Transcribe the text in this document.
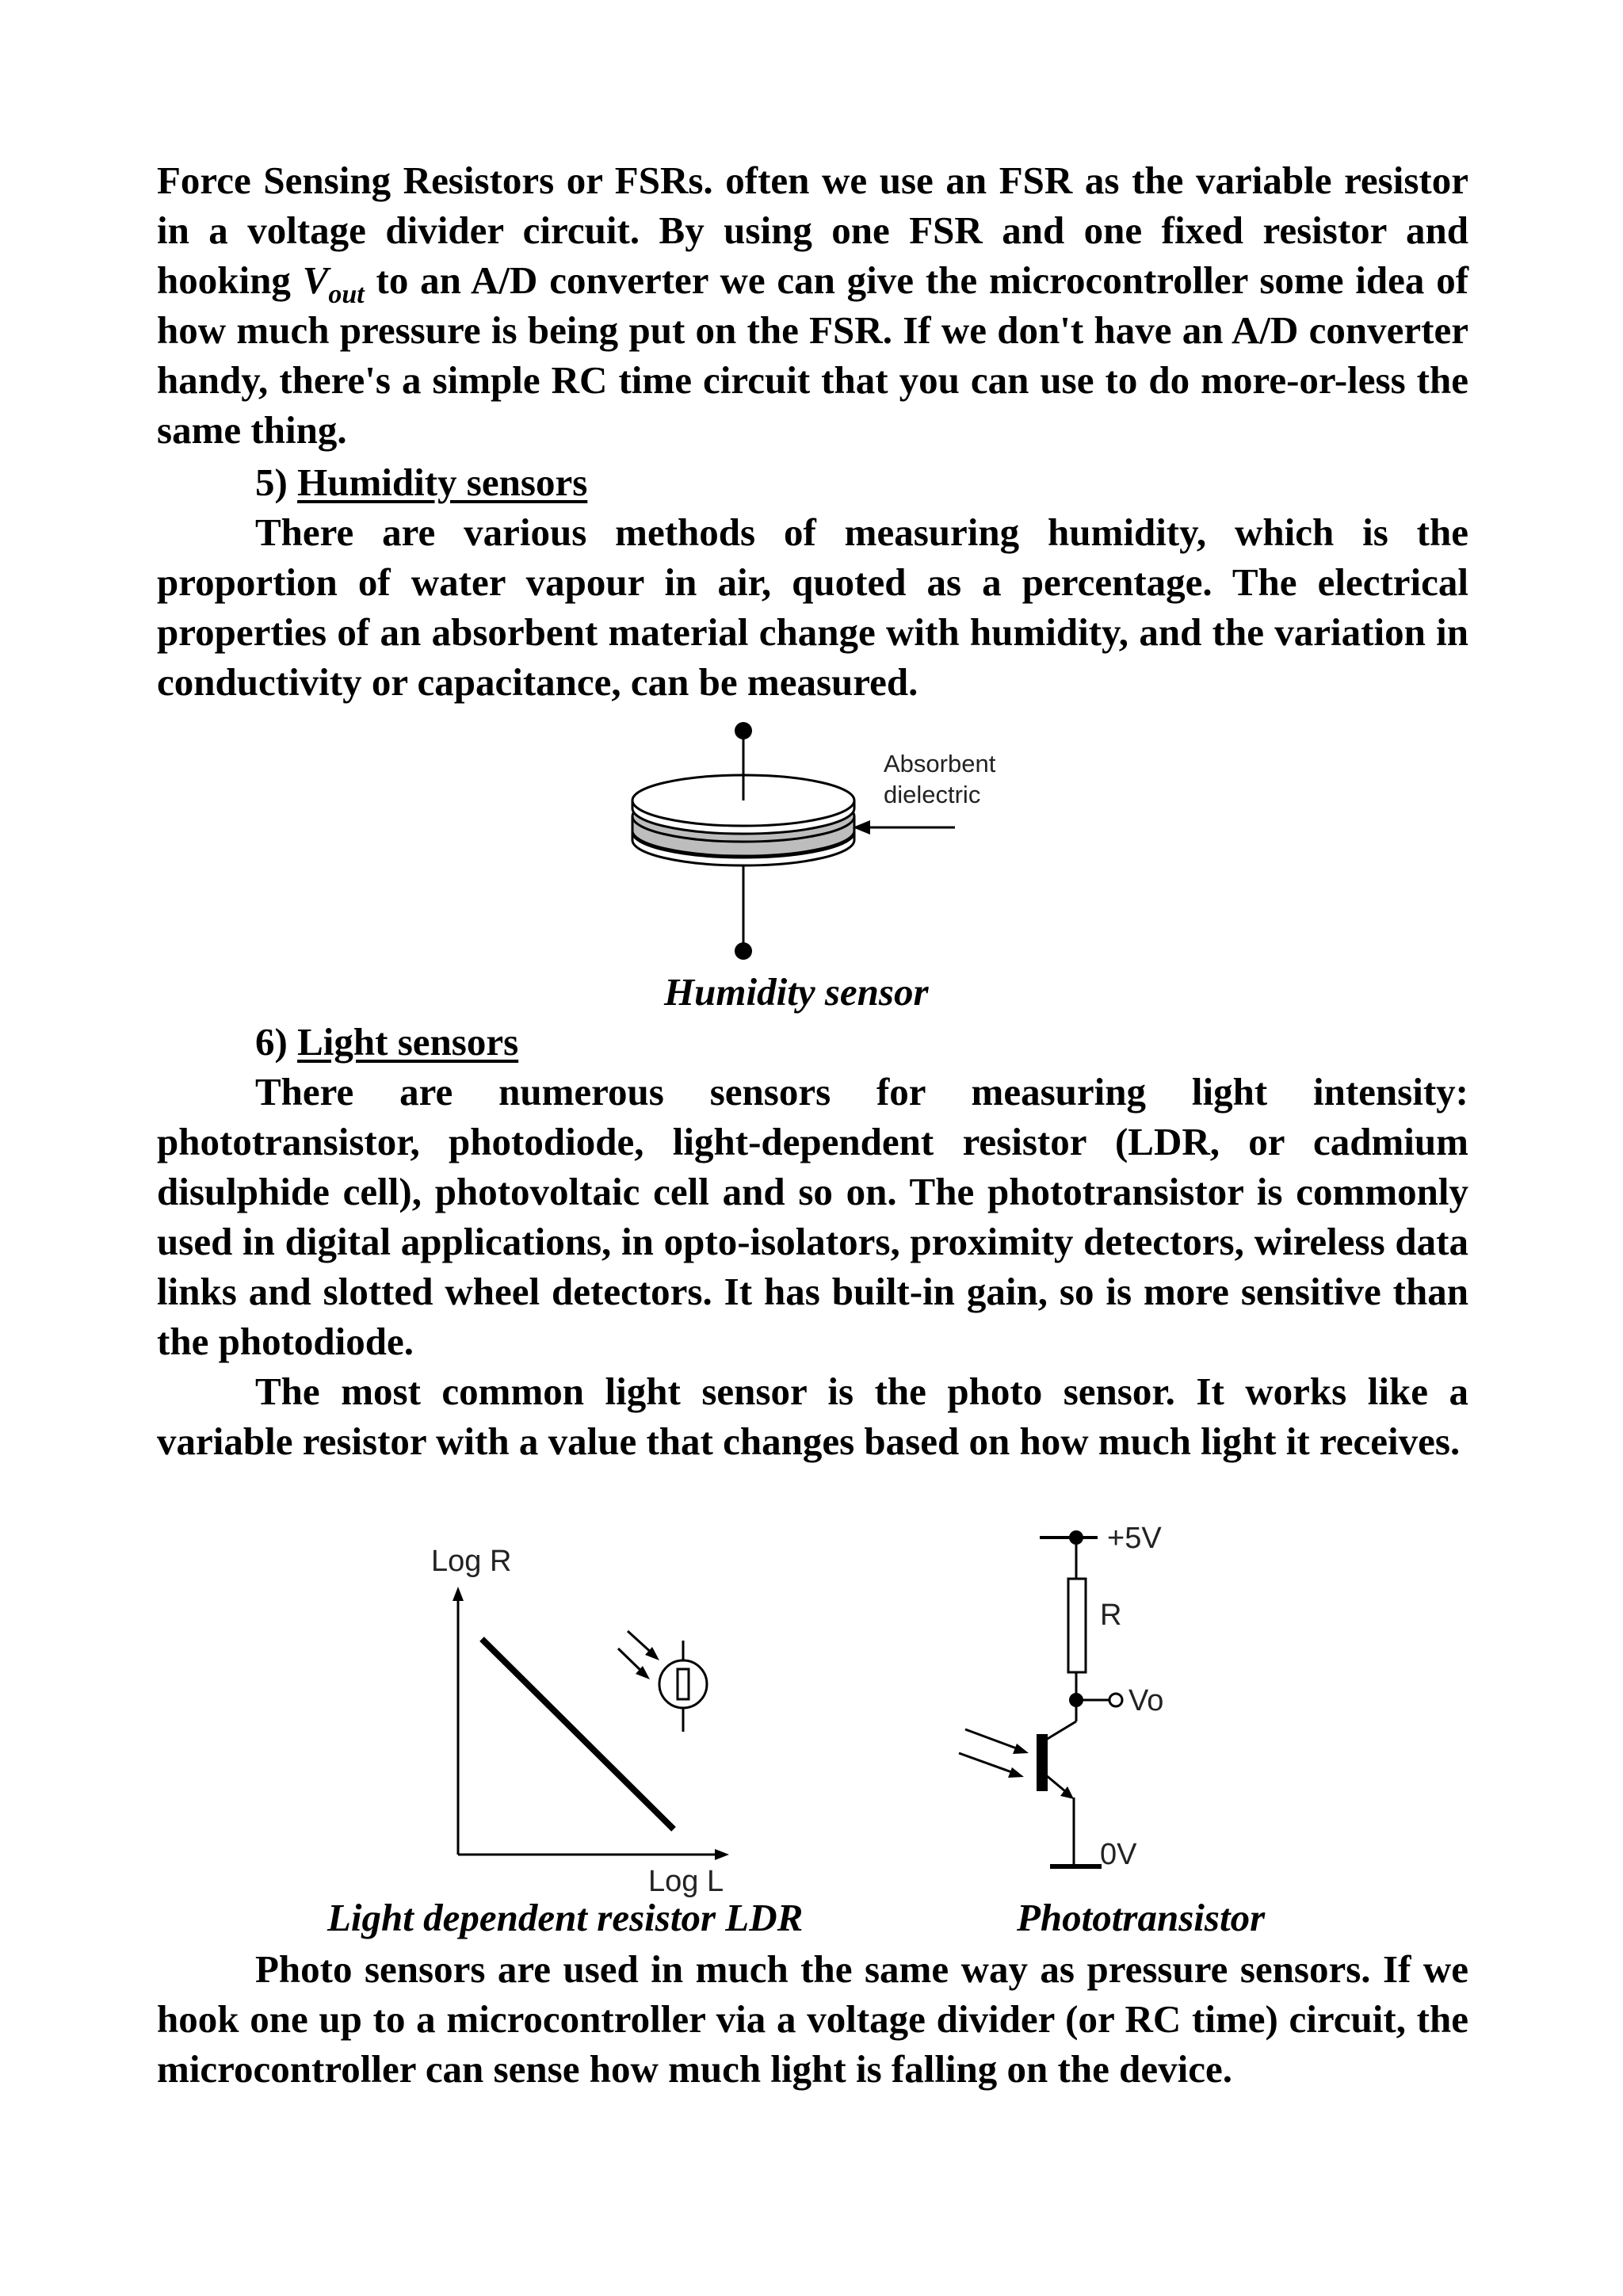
Force Sensing Resistors or FSRs. often we use an FSR as the variable resistor in a voltage divider circuit. By using one FSR and one fixed resistor and hooking $V_{out}$ to an A/D converter we can give the microcontroller some idea of how much pressure is being put on the FSR. If we don't have an A/D converter handy, there's a simple RC time circuit that you can use to do more-or-less the same thing.

5) Humidity sensors

There are various methods of measuring humidity, which is the proportion of water vapour in air, quoted as a percentage. The electrical properties of an absorbent material change with humidity, and the variation in conductivity or capacitance, can be measured.

Absorbent
dielectric
Humidity sensor
6) Light sensors

There are numerous sensors for measuring light intensity: phototransistor, photodiode, light-dependent resistor (LDR, or cadmium disulphide cell), photovoltaic cell and so on. The phototransistor is commonly used in digital applications, in opto-isolators, proximity detectors, wireless data links and slotted wheel detectors. It has built-in gain, so is more sensitive than the photodiode.

The most common light sensor is the photo sensor. It works like a variable resistor with a value that changes based on how much light it receives.

Log R
Log L
Light dependent resistor LDR
+5V
R
Vo
0V
Phototransistor

Photo sensors are used in much the same way as pressure sensors. If we hook one up to a microcontroller via a voltage divider (or RC time) circuit, the microcontroller can sense how much light is falling on the device.
